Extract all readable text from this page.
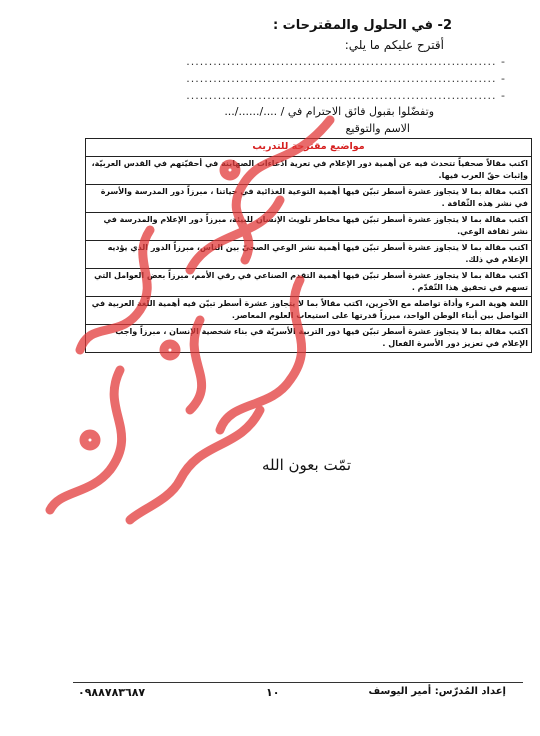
2- في الحلول والمقترحات :
أقترح عليكم ما يلي:
- .....................................................................
- .....................................................................
- .....................................................................
وتفضّلوا بقبول فائق الاحترام في / ..../....../...
الاسم والتوقيع
مواضيع مقترحة للتدريب
اكتب مقالاً صحفياً تتحدث فيه عن أهمية دور الإعلام في تعرية ادّعاءات الصهاينة في أحقيّتهم في القدس العربيّة، وإثبات حقّ العرب فيها.
اكتب مقالة بما لا يتجاوز عشرة أسطر تبيّن فيها أهمية التوعية الغذائية في حياتنا ، مبرزاً دور المدرسة والأسرة في نشر هذه الثّقافة .
اكتب مقالة بما لا يتجاوز عشرة أسطر تبيّن فيها مخاطر تلويث الإنسان للبيئة، مبرزاً دور الإعلام والمدرسة في نشر ثقافة الوعي.
اكتب مقالة بما لا يتجاوز عشرة أسطر تبيّن فيها أهمية نشر الوعي الصحيّ بين الناس، مبرزاً الدور الذي يؤديه الإعلام في ذلك.
اكتب مقالة بما لا يتجاوز عشرة أسطر تبيّن فيها أهمية التقدم الصناعي في رقي الأمم، مبرزاً بعض العوامل التي تسهم في تحقيق هذا التّقدّم .
اللغة هوية المرء وأداة تواصله مع الآخرين، اكتب مقالاً بما لا يتجاوز عشرة أسطر تبيّن فيه أهمية اللّغة العربية في التواصل بين أبناء الوطن الواحد، مبرزاً قدرتها على استيعاب العلوم المعاصر.
اكتب مقالة بما لا يتجاوز عشرة أسطر تبيّن فيها دور التربية الأسريّة في بناء شخصية الإنسان ، مبرزاً واجب الإعلام في تعزيز دور الأسرة الفعال .
تمّت بعون الله
إعداد المُدرّس: أمير اليوسف
١٠
٠٩٨٨٧٨٣٦٨٧
